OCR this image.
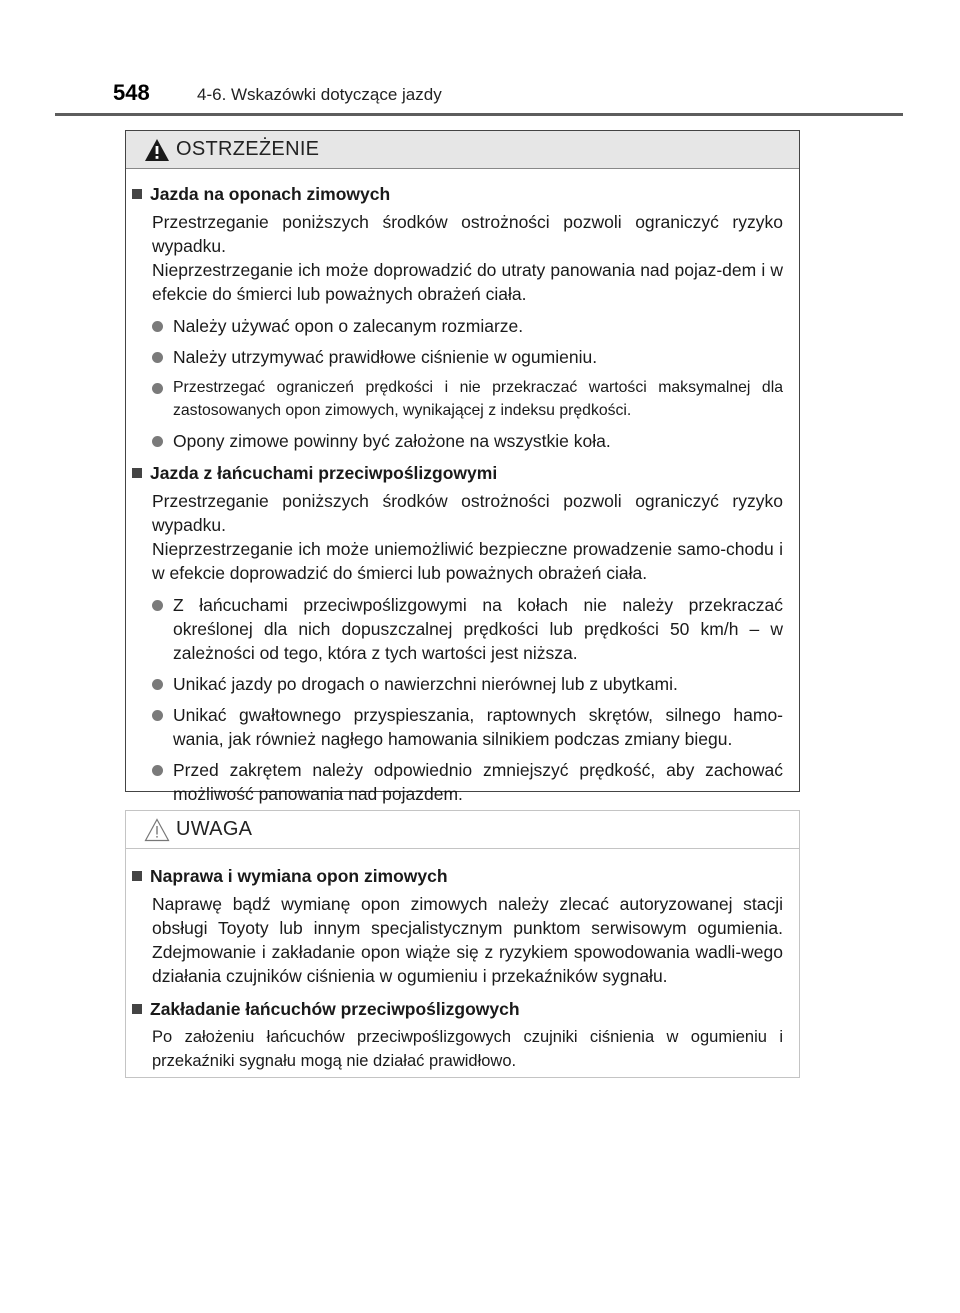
548	4-6. Wskazówki dotyczące jazdy
OSTRZEŻENIE
Jazda na oponach zimowych
Przestrzeganie poniższych środków ostrożności pozwoli ograniczyć ryzyko wypadku.
Nieprzestrzeganie ich może doprowadzić do utraty panowania nad pojaz-dem i w efekcie do śmierci lub poważnych obrażeń ciała.
Należy używać opon o zalecanym rozmiarze.
Należy utrzymywać prawidłowe ciśnienie w ogumieniu.
Przestrzegać ograniczeń prędkości i nie przekraczać wartości maksymalnej dla zastosowanych opon zimowych, wynikającej z indeksu prędkości.
Opony zimowe powinny być założone na wszystkie koła.
Jazda z łańcuchami przeciwpoślizgowymi
Przestrzeganie poniższych środków ostrożności pozwoli ograniczyć ryzyko wypadku.
Nieprzestrzeganie ich może uniemożliwić bezpieczne prowadzenie samo-chodu i w efekcie doprowadzić do śmierci lub poważnych obrażeń ciała.
Z łańcuchami przeciwpoślizgowymi na kołach nie należy przekraczać określonej dla nich dopuszczalnej prędkości lub prędkości 50 km/h – w zależności od tego, która z tych wartości jest niższa.
Unikać jazdy po drogach o nawierzchni nierównej lub z ubytkami.
Unikać gwałtownego przyspieszania, raptownych skrętów, silnego hamo-wania, jak również nagłego hamowania silnikiem podczas zmiany biegu.
Przed zakrętem należy odpowiednio zmniejszyć prędkość, aby zachować możliwość panowania nad pojazdem.
UWAGA
Naprawa i wymiana opon zimowych
Naprawę bądź wymianę opon zimowych należy zlecać autoryzowanej stacji obsługi Toyoty lub innym specjalistycznym punktom serwisowym ogumienia. Zdejmowanie i zakładanie opon wiąże się z ryzykiem spowodowania wadli-wego działania czujników ciśnienia w ogumieniu i przekaźników sygnału.
Zakładanie łańcuchów przeciwpoślizgowych
Po założeniu łańcuchów przeciwpoślizgowych czujniki ciśnienia w ogumieniu i przekaźniki sygnału mogą nie działać prawidłowo.
